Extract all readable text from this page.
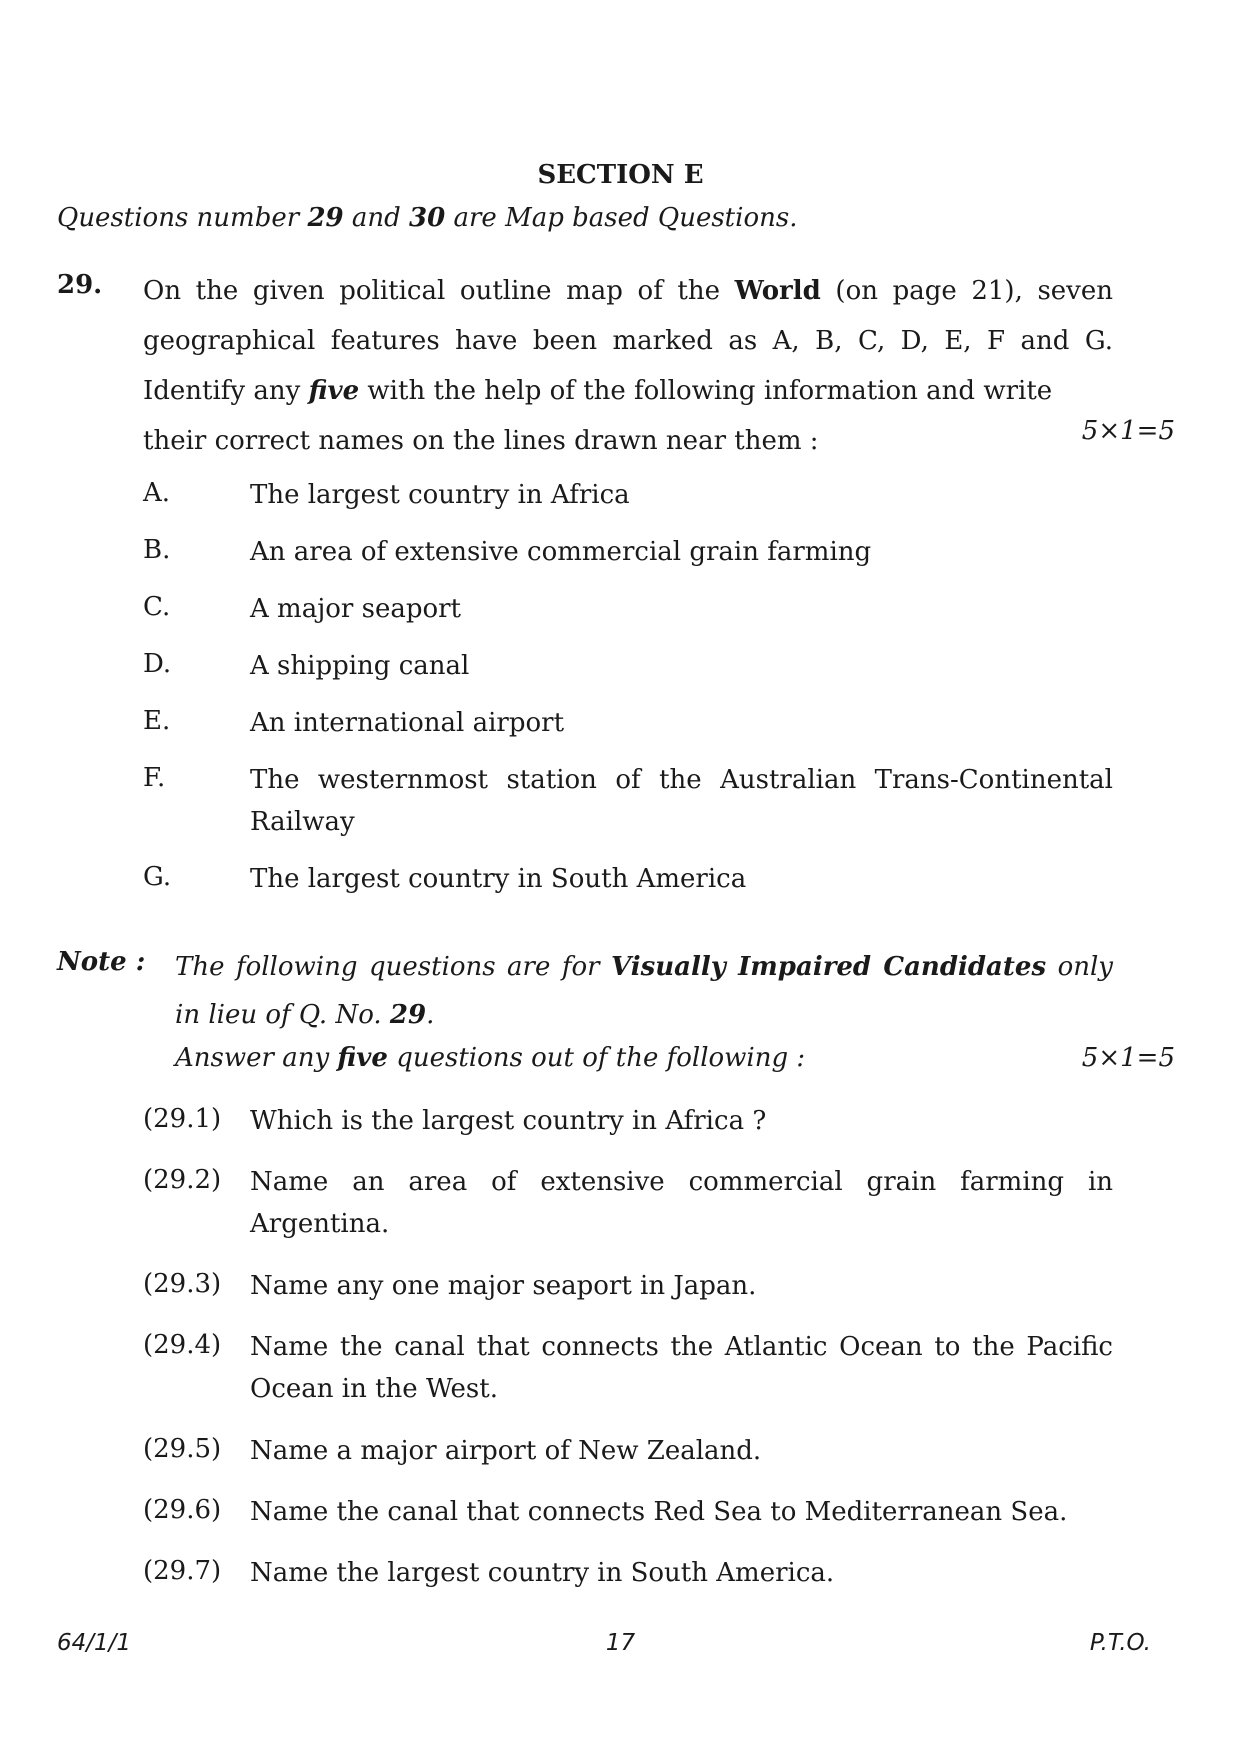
SECTION E
Questions number 29 and 30 are Map based Questions.
29. On the given political outline map of the World (on page 21), seven geographical features have been marked as A, B, C, D, E, F and G. Identify any five with the help of the following information and write
their correct names on the lines drawn near them :	5×1=5
A.	The largest country in Africa
B.	An area of extensive commercial grain farming
C.	A major seaport
D.	A shipping canal
E.	An international airport
F.	The westernmost station of the Australian Trans-Continental Railway
G.	The largest country in South America
Note : The following questions are for Visually Impaired Candidates only in lieu of Q. No. 29.
Answer any five questions out of the following :	5×1=5
(29.1) Which is the largest country in Africa ?
(29.2) Name an area of extensive commercial grain farming in Argentina.
(29.3) Name any one major seaport in Japan.
(29.4) Name the canal that connects the Atlantic Ocean to the Pacific Ocean in the West.
(29.5) Name a major airport of New Zealand.
(29.6) Name the canal that connects Red Sea to Mediterranean Sea.
(29.7) Name the largest country in South America.
64/1/1	17	P.T.O.
